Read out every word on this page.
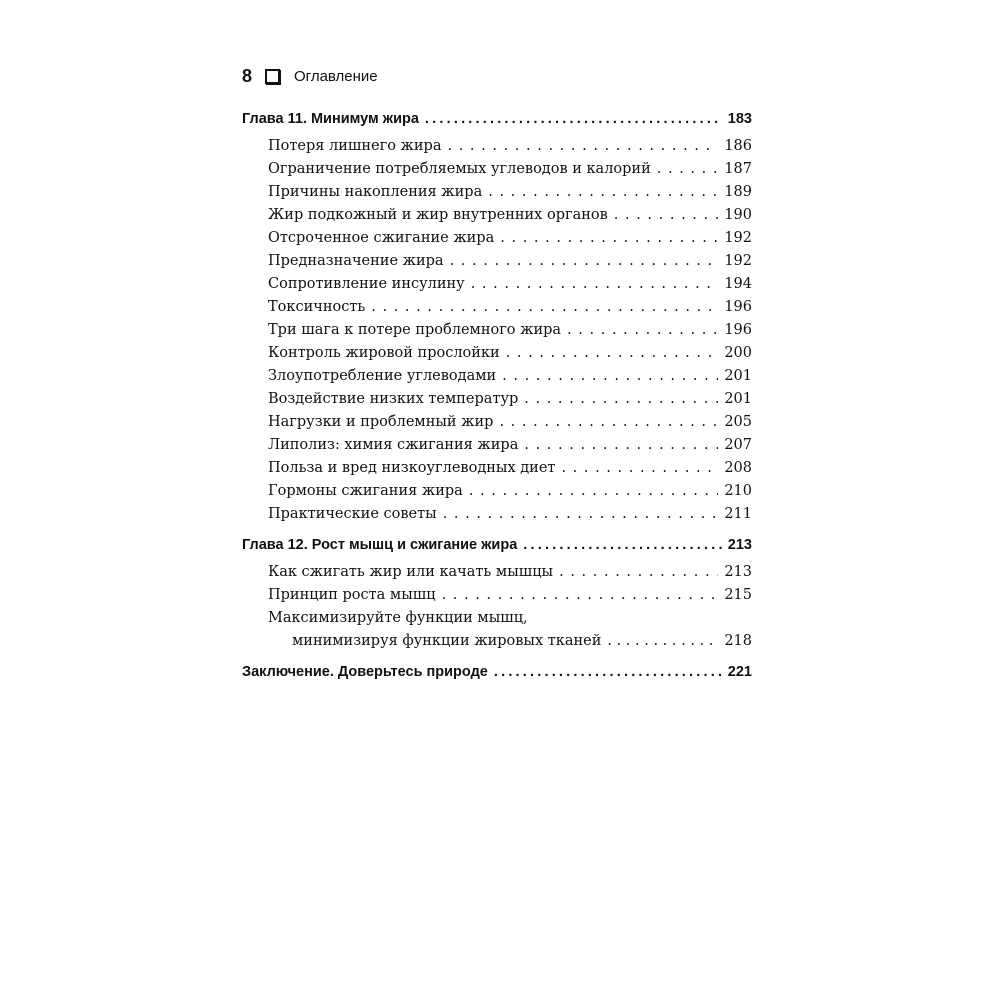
8	Оглавление
Глава 11. Минимум жира .....	183
Потеря лишнего жира . . .	186
Ограничение потребляемых углеводов и калорий . . .	187
Причины накопления жира . . .	189
Жир подкожный и жир внутренних органов . . .	190
Отсроченное сжигание жира . . .	192
Предназначение жира . . .	192
Сопротивление инсулину . . .	194
Токсичность . . .	196
Три шага к потере проблемного жира . . .	196
Контроль жировой прослойки . . .	200
Злоупотребление углеводами . . .	201
Воздействие низких температур . . .	201
Нагрузки и проблемный жир . . .	205
Липолиз: химия сжигания жира . . .	207
Польза и вред низкоуглеводных диет . . .	208
Гормоны сжигания жира . . .	210
Практические советы . . .	211
Глава 12. Рост мышц и сжигание жира .....	213
Как сжигать жир или качать мышцы . . .	213
Принцип роста мышц . . .	215
Максимизируйте функции мышц,
минимизируя функции жировых тканей . . .	218
Заключение. Доверьтесь природе .....	221
